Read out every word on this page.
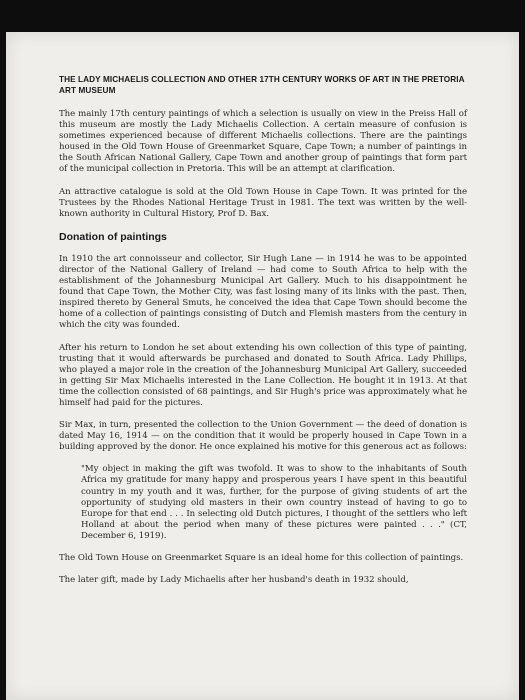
THE LADY MICHAELIS COLLECTION AND OTHER 17TH CENTURY WORKS OF ART IN THE PRETORIA ART MUSEUM

The mainly 17th century paintings of which a selection is usually on view in the Preiss Hall of this museum are mostly the Lady Michaelis Collection. A certain measure of confusion is sometimes experienced because of different Michaelis collections. There are the paintings housed in the Old Town House of Greenmarket Square, Cape Town; a number of paintings in the South African National Gallery, Cape Town and another group of paintings that form part of the municipal collection in Pretoria. This will be an attempt at clarification.

An attractive catalogue is sold at the Old Town House in Cape Town. It was printed for the Trustees by the Rhodes National Heritage Trust in 1981. The text was written by the well-known authority in Cultural History, Prof D. Bax.

Donation of paintings

In 1910 the art connoisseur and collector, Sir Hugh Lane — in 1914 he was to be appointed director of the National Gallery of Ireland — had come to South Africa to help with the establishment of the Johannesburg Municipal Art Gallery. Much to his disappointment he found that Cape Town, the Mother City, was fast losing many of its links with the past. Then, inspired thereto by General Smuts, he conceived the idea that Cape Town should become the home of a collection of paintings consisting of Dutch and Flemish masters from the century in which the city was founded.

After his return to London he set about extending his own collection of this type of painting, trusting that it would afterwards be purchased and donated to South Africa. Lady Phillips, who played a major role in the creation of the Johannesburg Municipal Art Gallery, succeeded in getting Sir Max Michaelis interested in the Lane Collection. He bought it in 1913. At that time the collection consisted of 68 paintings, and Sir Hugh's price was approximately what he himself had paid for the pictures.

Sir Max, in turn, presented the collection to the Union Government — the deed of donation is dated May 16, 1914 — on the condition that it would be properly housed in Cape Town in a building approved by the donor. He once explained his motive for this generous act as follows:

"My object in making the gift was twofold. It was to show to the inhabitants of South Africa my gratitude for many happy and prosperous years I have spent in this beautiful country in my youth and it was, further, for the purpose of giving students of art the opportunity of studying old masters in their own country instead of having to go to Europe for that end . . . In selecting old Dutch pictures, I thought of the settlers who left Holland at about the period when many of these pictures were painted . . ." (CT, December 6, 1919).

The Old Town House on Greenmarket Square is an ideal home for this collection of paintings.

The later gift, made by Lady Michaelis after her husband's death in 1932 should,
